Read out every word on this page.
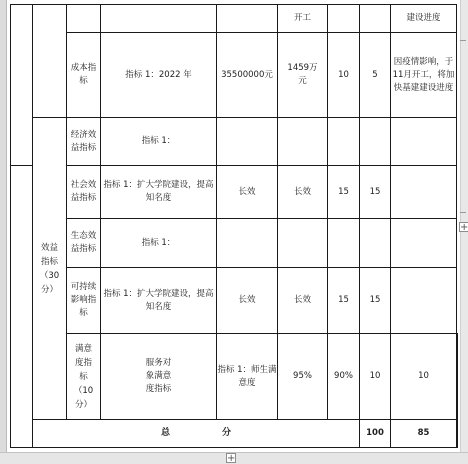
+
+
					开工			建设进度	

		成本指标	指标 1：2022 年	35500000元	1459万元	10	5	因疫情影响，于11月开工，将加快基建建设进度	

	效益指标（30分）	经济效益指标	指标 1：						

		社会效益指标	指标 1：扩大学院建设，提高知名度	长效	长效	15	15		

		生态效益指标	指标 1：						

		可持续影响指标	指标 1：扩大学院建设，提高知名度	长效	长效	15	15		

		满意度指标（10分）	服务对象满意度指标	指标 1：师生满意度	95%	90%	10	10	
	总 分						100	85	
